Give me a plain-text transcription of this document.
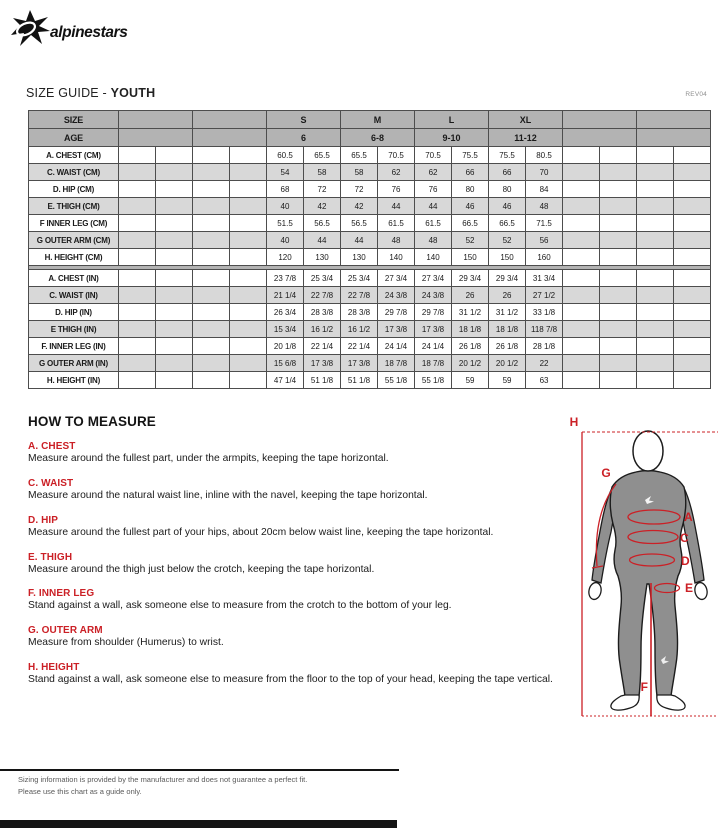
alpinestars
SIZE GUIDE - YOUTH	REV04
SIZE					S		M		L		XL					
AGE					6		6-8		9-10		11-12					
A. CHEST (CM)					60.5	65.5	65.5	70.5	70.5	75.5	75.5	80.5				
C. WAIST (CM)					54	58	58	62	62	66	66	70				
D. HIP (CM)					68	72	72	76	76	80	80	84				
E. THIGH (CM)					40	42	42	44	44	46	46	48				
F INNER LEG (CM)					51.5	56.5	56.5	61.5	61.5	66.5	66.5	71.5				
G OUTER ARM (CM)					40	44	44	48	48	52	52	56				
H. HEIGHT (CM)					120	130	130	140	140	150	150	160				

A. CHEST (IN)					23 7/8	25 3/4	25 3/4	27 3/4	27 3/4	29 3/4	29 3/4	31 3/4				
C. WAIST (IN)					21 1/4	22 7/8	22 7/8	24 3/8	24 3/8	26	26	27 1/2				
D. HIP (IN)					26 3/4	28 3/8	28 3/8	29 7/8	29 7/8	31 1/2	31 1/2	33 1/8				
E THIGH (IN)					15 3/4	16 1/2	16 1/2	17 3/8	17 3/8	18 1/8	18 1/8	118 7/8				
F. INNER LEG (IN)					20 1/8	22 1/4	22 1/4	24 1/4	24 1/4	26 1/8	26 1/8	28 1/8				
G OUTER ARM (IN)					15 6/8	17 3/8	17 3/8	18 7/8	18 7/8	20 1/2	20 1/2	22				
H. HEIGHT (IN)					47 1/4	51 1/8	51 1/8	55 1/8	55 1/8	59	59	63				
HOW TO MEASURE
A. CHEST
Measure around the fullest part, under the armpits, keeping the tape horizontal.
C. WAIST
Measure around the natural waist line, inline with the navel, keeping the tape horizontal.
D. HIP
Measure around the fullest part of your hips, about 20cm below waist line, keeping the tape horizontal.
E. THIGH
Measure around the thigh just below the crotch, keeping the tape horizontal.
F. INNER LEG
Stand against a wall, ask someone else to measure from the crotch to the bottom of your leg.
G. OUTER ARM
Measure from shoulder (Humerus) to wrist.
H. HEIGHT
Stand against a wall, ask someone else to measure from the floor to the top of your head, keeping the tape vertical.
H
G
A
C
D
E
F
Sizing information is provided by the manufacturer and does not guarantee a perfect fit.
Please use this chart as a guide only.
